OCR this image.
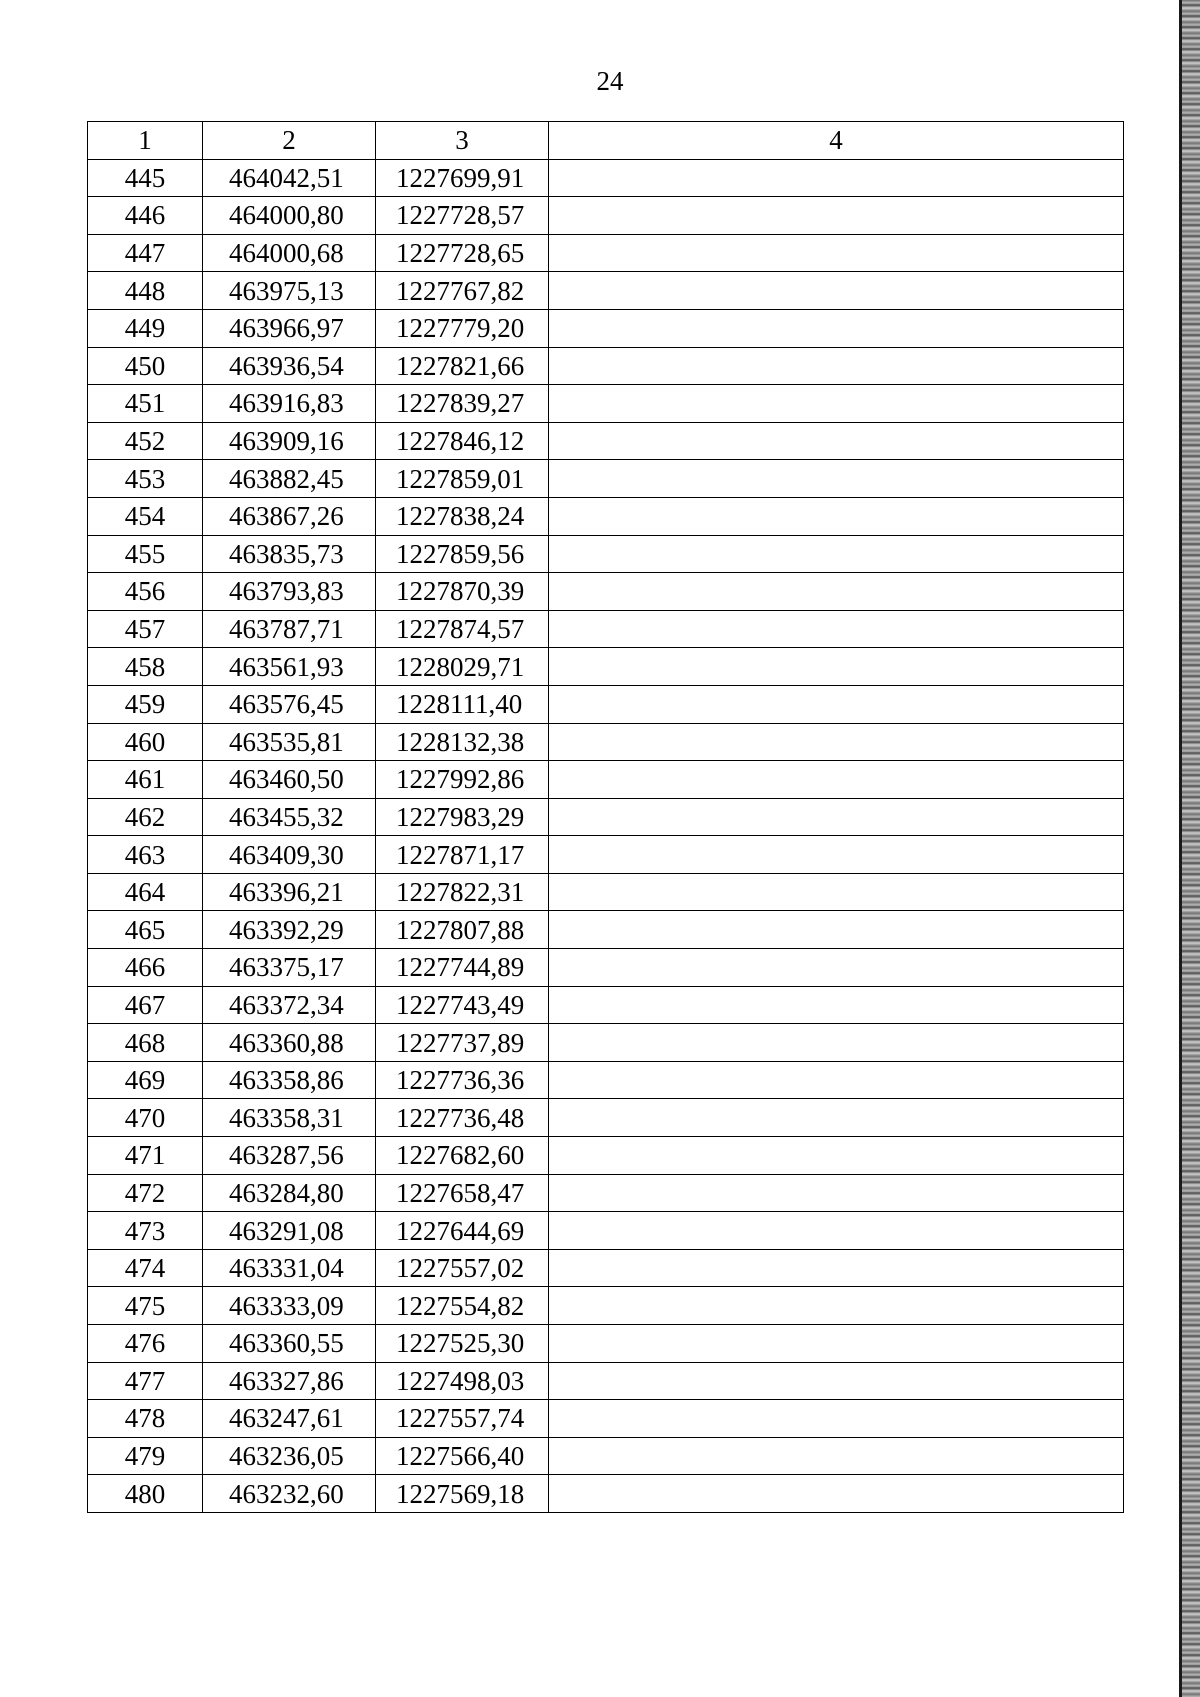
24
1	2	3	4
445	464042,51	1227699,91	
446	464000,80	1227728,57	
447	464000,68	1227728,65	
448	463975,13	1227767,82	
449	463966,97	1227779,20	
450	463936,54	1227821,66	
451	463916,83	1227839,27	
452	463909,16	1227846,12	
453	463882,45	1227859,01	
454	463867,26	1227838,24	
455	463835,73	1227859,56	
456	463793,83	1227870,39	
457	463787,71	1227874,57	
458	463561,93	1228029,71	
459	463576,45	1228111,40	
460	463535,81	1228132,38	
461	463460,50	1227992,86	
462	463455,32	1227983,29	
463	463409,30	1227871,17	
464	463396,21	1227822,31	
465	463392,29	1227807,88	
466	463375,17	1227744,89	
467	463372,34	1227743,49	
468	463360,88	1227737,89	
469	463358,86	1227736,36	
470	463358,31	1227736,48	
471	463287,56	1227682,60	
472	463284,80	1227658,47	
473	463291,08	1227644,69	
474	463331,04	1227557,02	
475	463333,09	1227554,82	
476	463360,55	1227525,30	
477	463327,86	1227498,03	
478	463247,61	1227557,74	
479	463236,05	1227566,40	
480	463232,60	1227569,18	
